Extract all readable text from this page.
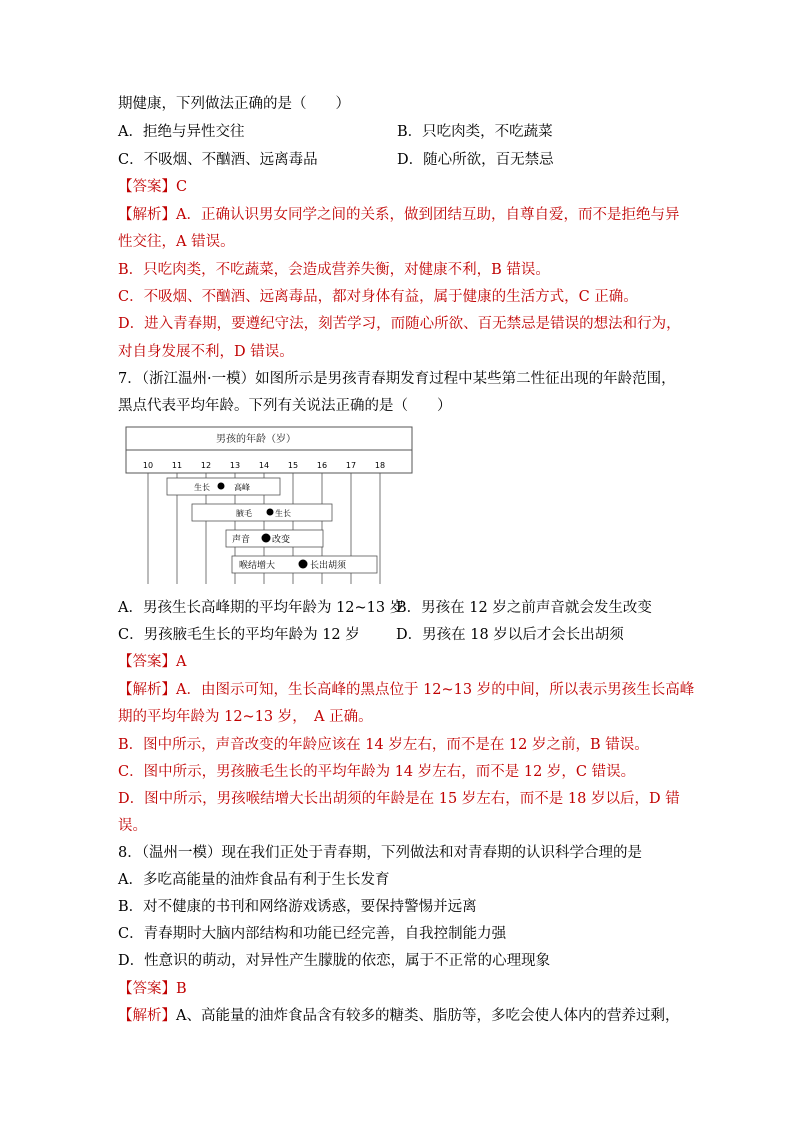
期健康，下列做法正确的是（　　）
A．拒绝与异性交往	B．只吃肉类，不吃蔬菜
C．不吸烟、不酗酒、远离毒品	D．随心所欲，百无禁忌
【答案】C
【解析】A．正确认识男女同学之间的关系，做到团结互助，自尊自爱，而不是拒绝与异
性交往，A 错误。
B．只吃肉类，不吃蔬菜，会造成营养失衡，对健康不利，B 错误。
C．不吸烟、不酗酒、远离毒品，都对身体有益，属于健康的生活方式，C 正确。
D．进入青春期，要遵纪守法，刻苦学习，而随心所欲、百无禁忌是错误的想法和行为，
对自身发展不利，D 错误。
7．（浙江温州·一模）如图所示是男孩青春期发育过程中某些第二性征出现的年龄范围，
黑点代表平均年龄。下列有关说法正确的是（　　）
男孩的年龄（岁）
10 11 12 13 14 15 16 17 18
生长	高峰
腋毛	生长
声音 改变
喉结增大	长出胡须
A．男孩生长高峰期的平均年龄为 12~13 岁
B．男孩在 12 岁之前声音就会发生改变
C．男孩腋毛生长的平均年龄为 12 岁 D．男孩在 18 岁以后才会长出胡须
【答案】A
【解析】A．由图示可知，生长高峰的黑点位于 12~13 岁的中间，所以表示男孩生长高峰
期的平均年龄为 12~13 岁，　A 正确。
B．图中所示，声音改变的年龄应该在 14 岁左右，而不是在 12 岁之前，B 错误。
C．图中所示，男孩腋毛生长的平均年龄为 14 岁左右，而不是 12 岁，C 错误。
D．图中所示，男孩喉结增大长出胡须的年龄是在 15 岁左右，而不是 18 岁以后，D 错
误。
8．（温州一模）现在我们正处于青春期，下列做法和对青春期的认识科学合理的是
A．多吃高能量的油炸食品有利于生长发育
B．对不健康的书刊和网络游戏诱惑，要保持警惕并远离
C．青春期时大脑内部结构和功能已经完善，自我控制能力强
D．性意识的萌动，对异性产生朦胧的依恋，属于不正常的心理现象
【答案】B
【解析】A、高能量的油炸食品含有较多的糖类、脂肪等，多吃会使人体内的营养过剩，
